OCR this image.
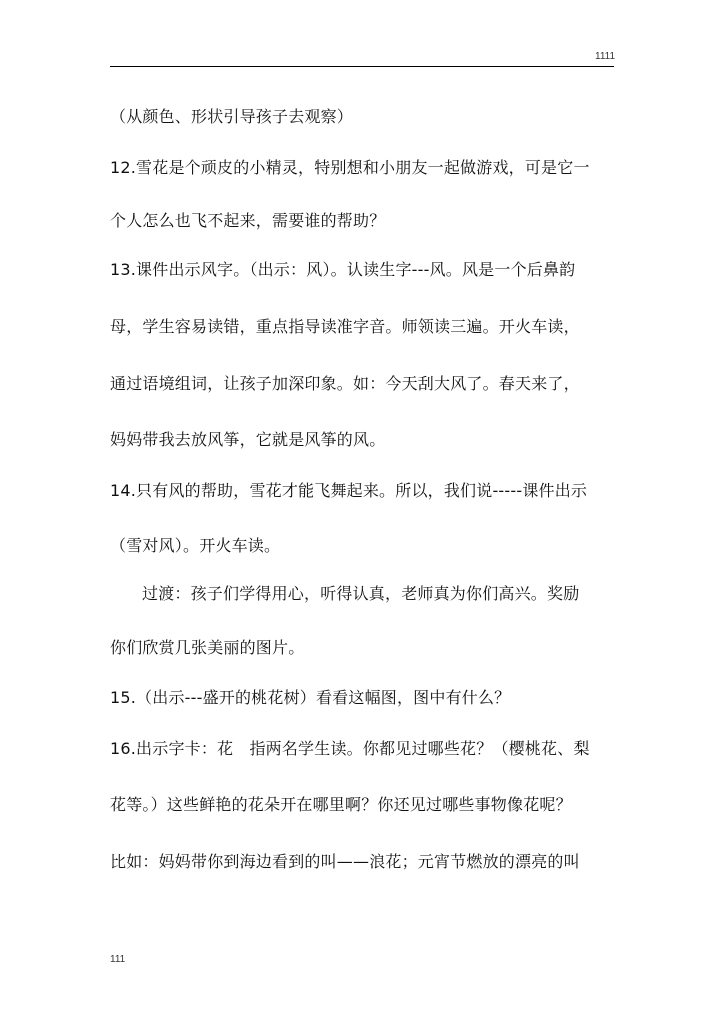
1111
（从颜色、形状引导孩子去观察）
12.雪花是个顽皮的小精灵，特别想和小朋友一起做游戏，可是它一
个人怎么也飞不起来，需要谁的帮助？
13.课件出示风字。（出示：风）。认读生字---风。风是一个后鼻韵
母，学生容易读错，重点指导读准字音。师领读三遍。开火车读，
通过语境组词，让孩子加深印象。如：今天刮大风了。春天来了，
妈妈带我去放风筝，它就是风筝的风。
14.只有风的帮助，雪花才能飞舞起来。所以，我们说-----课件出示
（雪对风）。开火车读。
过渡：孩子们学得用心，听得认真，老师真为你们高兴。奖励
你们欣赏几张美丽的图片。
15.（出示---盛开的桃花树）看看这幅图，图中有什么？
16.出示字卡：花　指两名学生读。你都见过哪些花？（樱桃花、梨
花等。）这些鲜艳的花朵开在哪里啊？你还见过哪些事物像花呢？
比如：妈妈带你到海边看到的叫——浪花；元宵节燃放的漂亮的叫
111
